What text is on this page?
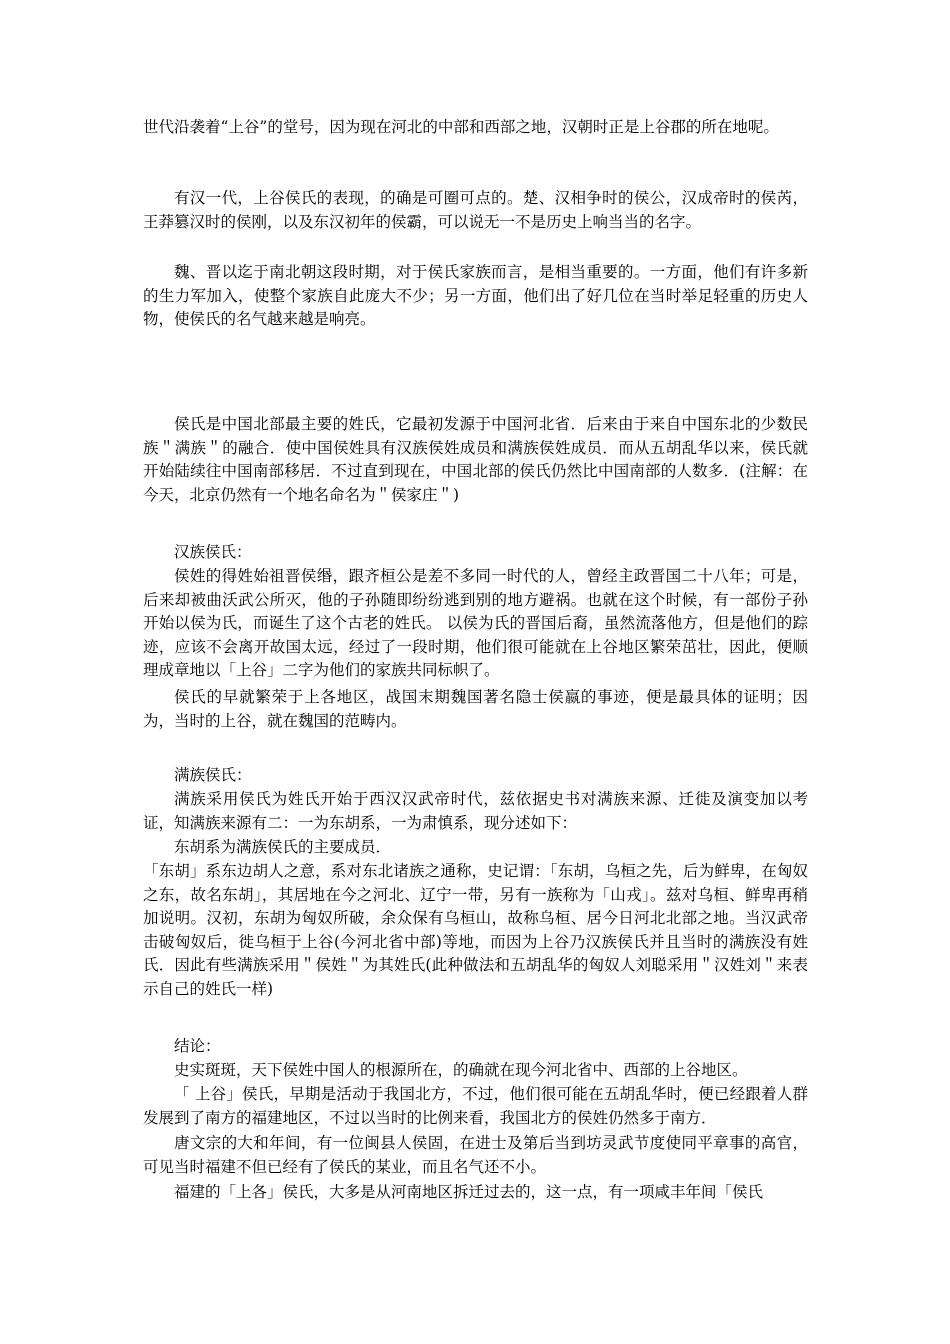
世代沿袭着“上谷”的堂号，因为现在河北的中部和西部之地，汉朝时正是上谷郡的所在地呢。

有汉一代，上谷侯氏的表现，的确是可圈可点的。楚、汉相争时的侯公，汉成帝时的侯芮，王莽篡汉时的侯刚，以及东汉初年的侯霸，可以说无一不是历史上响当当的名字。

魏、晋以迄于南北朝这段时期，对于侯氏家族而言，是相当重要的。一方面，他们有许多新的生力军加入，使整个家族自此庞大不少；另一方面，他们出了好几位在当时举足轻重的历史人物，使侯氏的名气越来越是响亮。

侯氏是中国北部最主要的姓氏，它最初发源于中国河北省．后来由于来自中国东北的少数民族＂满族＂的融合．使中国侯姓具有汉族侯姓成员和满族侯姓成员．而从五胡乱华以来，侯氏就开始陆续往中国南部移居．不过直到现在，中国北部的侯氏仍然比中国南部的人数多．(注解：在今天，北京仍然有一个地名命名为＂侯家庄＂)

汉族侯氏：

侯姓的得姓始祖晋侯缗，跟齐桓公是差不多同一时代的人，曾经主政晋国二十八年；可是，后来却被曲沃武公所灭，他的子孙随即纷纷逃到别的地方避祸。也就在这个时候，有一部份子孙开始以侯为氏，而诞生了这个古老的姓氏。 以侯为氏的晋国后裔，虽然流落他方，但是他们的踪迹，应该不会离开故国太远，经过了一段时期，他们很可能就在上谷地区繁荣茁壮，因此，便顺理成章地以「上谷」二字为他们的家族共同标帜了。

侯氏的早就繁荣于上各地区，战国末期魏国著名隐士侯嬴的事迹，便是最具体的证明；因为，当时的上谷，就在魏国的范畴内。

满族侯氏：

满族采用侯氏为姓氏开始于西汉汉武帝时代，兹依据史书对满族来源、迁徙及演变加以考证，知满族来源有二：一为东胡系，一为肃慎系，现分述如下：

东胡系为满族侯氏的主要成员．

「东胡」系东边胡人之意，系对东北诸族之通称，史记谓：「东胡，乌桓之先，后为鲜卑，在匈奴之东，故名东胡」，其居地在今之河北、辽宁一带，另有一族称为「山戎」。兹对乌桓、鲜卑再稍加说明。汉初，东胡为匈奴所破，余众保有乌桓山，故称乌桓、居今日河北北部之地。当汉武帝击破匈奴后，徙乌桓于上谷(今河北省中部)等地，而因为上谷乃汉族侯氏并且当时的满族没有姓氏．因此有些满族采用＂侯姓＂为其姓氏(此种做法和五胡乱华的匈奴人刘聪采用＂汉姓刘＂来表示自己的姓氏一样)

结论：

史实斑斑，天下侯姓中国人的根源所在，的确就在现今河北省中、西部的上谷地区。

「 上谷」侯氏，早期是活动于我国北方，不过，他们很可能在五胡乱华时，便已经跟着人群发展到了南方的福建地区，不过以当时的比例来看，我国北方的侯姓仍然多于南方．

唐文宗的大和年间，有一位闽县人侯固，在进士及第后当到坊灵武节度使同平章事的高官，可见当时福建不但已经有了侯氏的某业，而且名气还不小。

福建的「上各」侯氏，大多是从河南地区拆迁过去的，这一点，有一项咸丰年间「侯氏
